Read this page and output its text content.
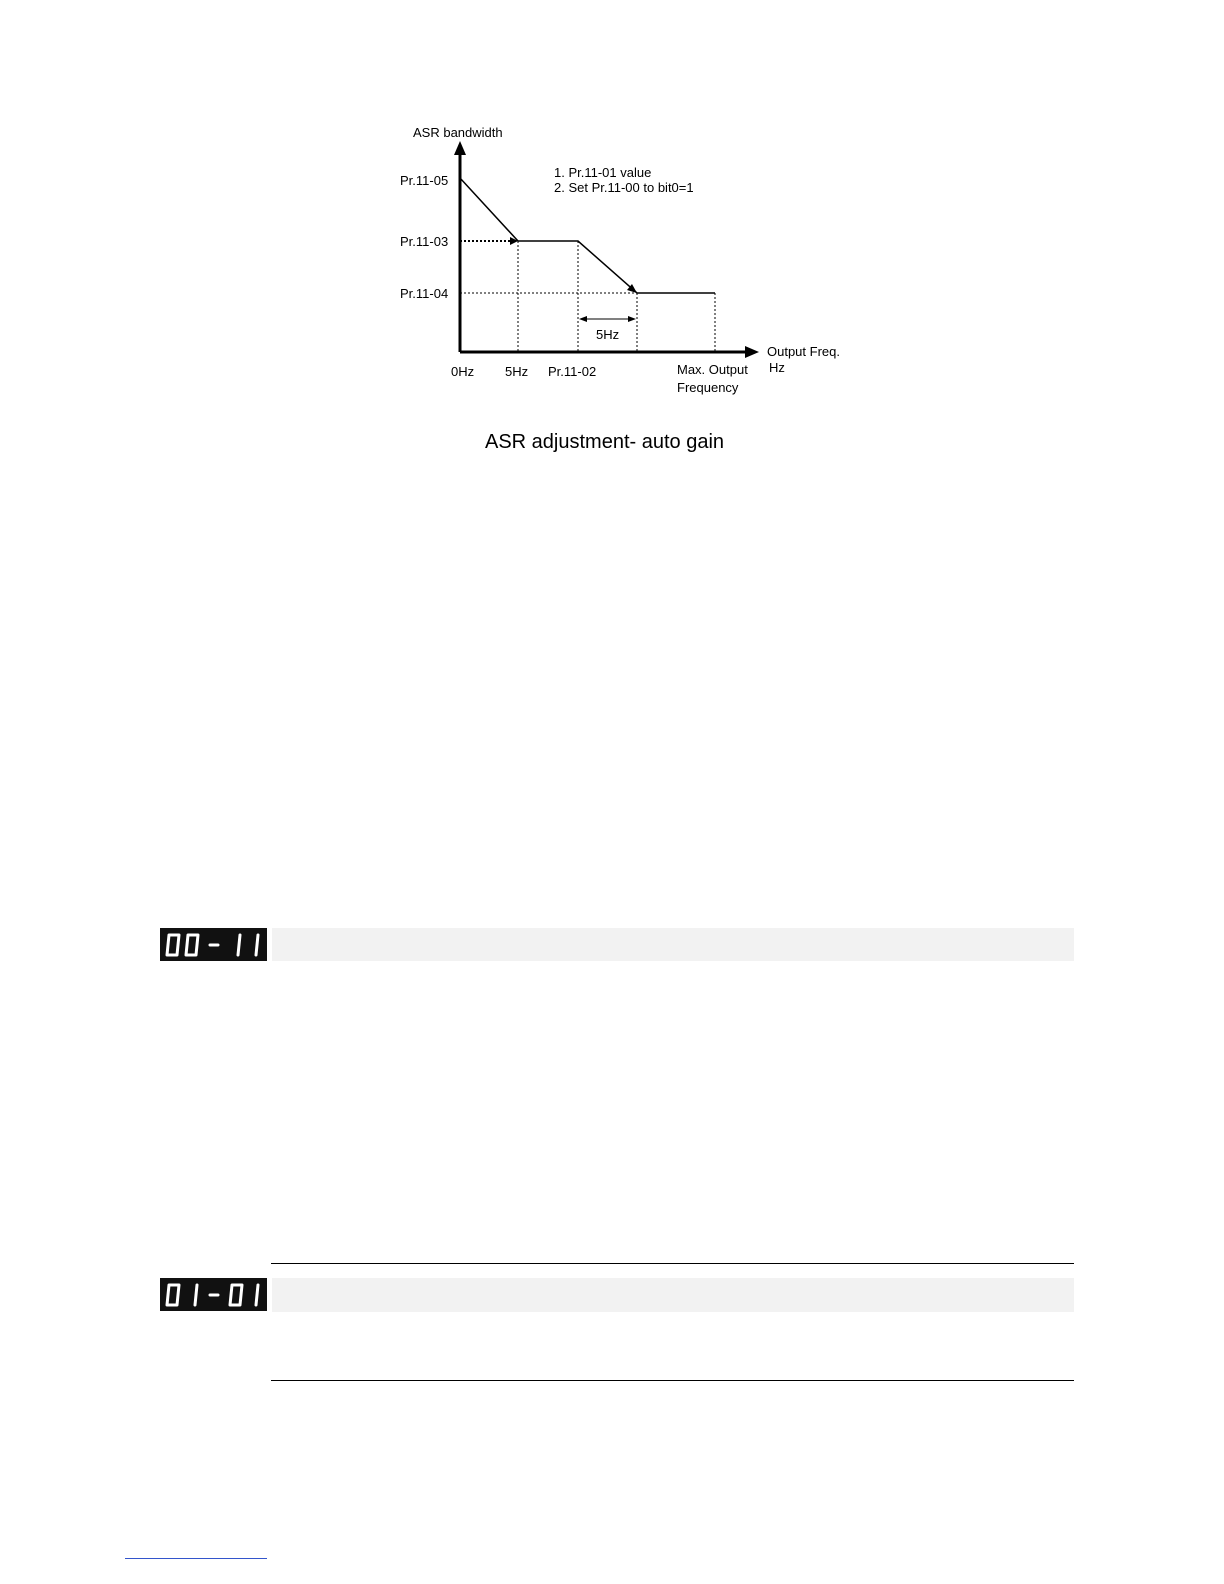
ASR bandwidth
Pr.11-05
Pr.11-03
Pr.11-04
1. Pr.11-01 value
2. Set Pr.11-00 to bit0=1
5Hz
0Hz 5Hz Pr.11-02	Max. Output
Frequency
Output Freq.
Hz
ASR adjustment- auto gain
